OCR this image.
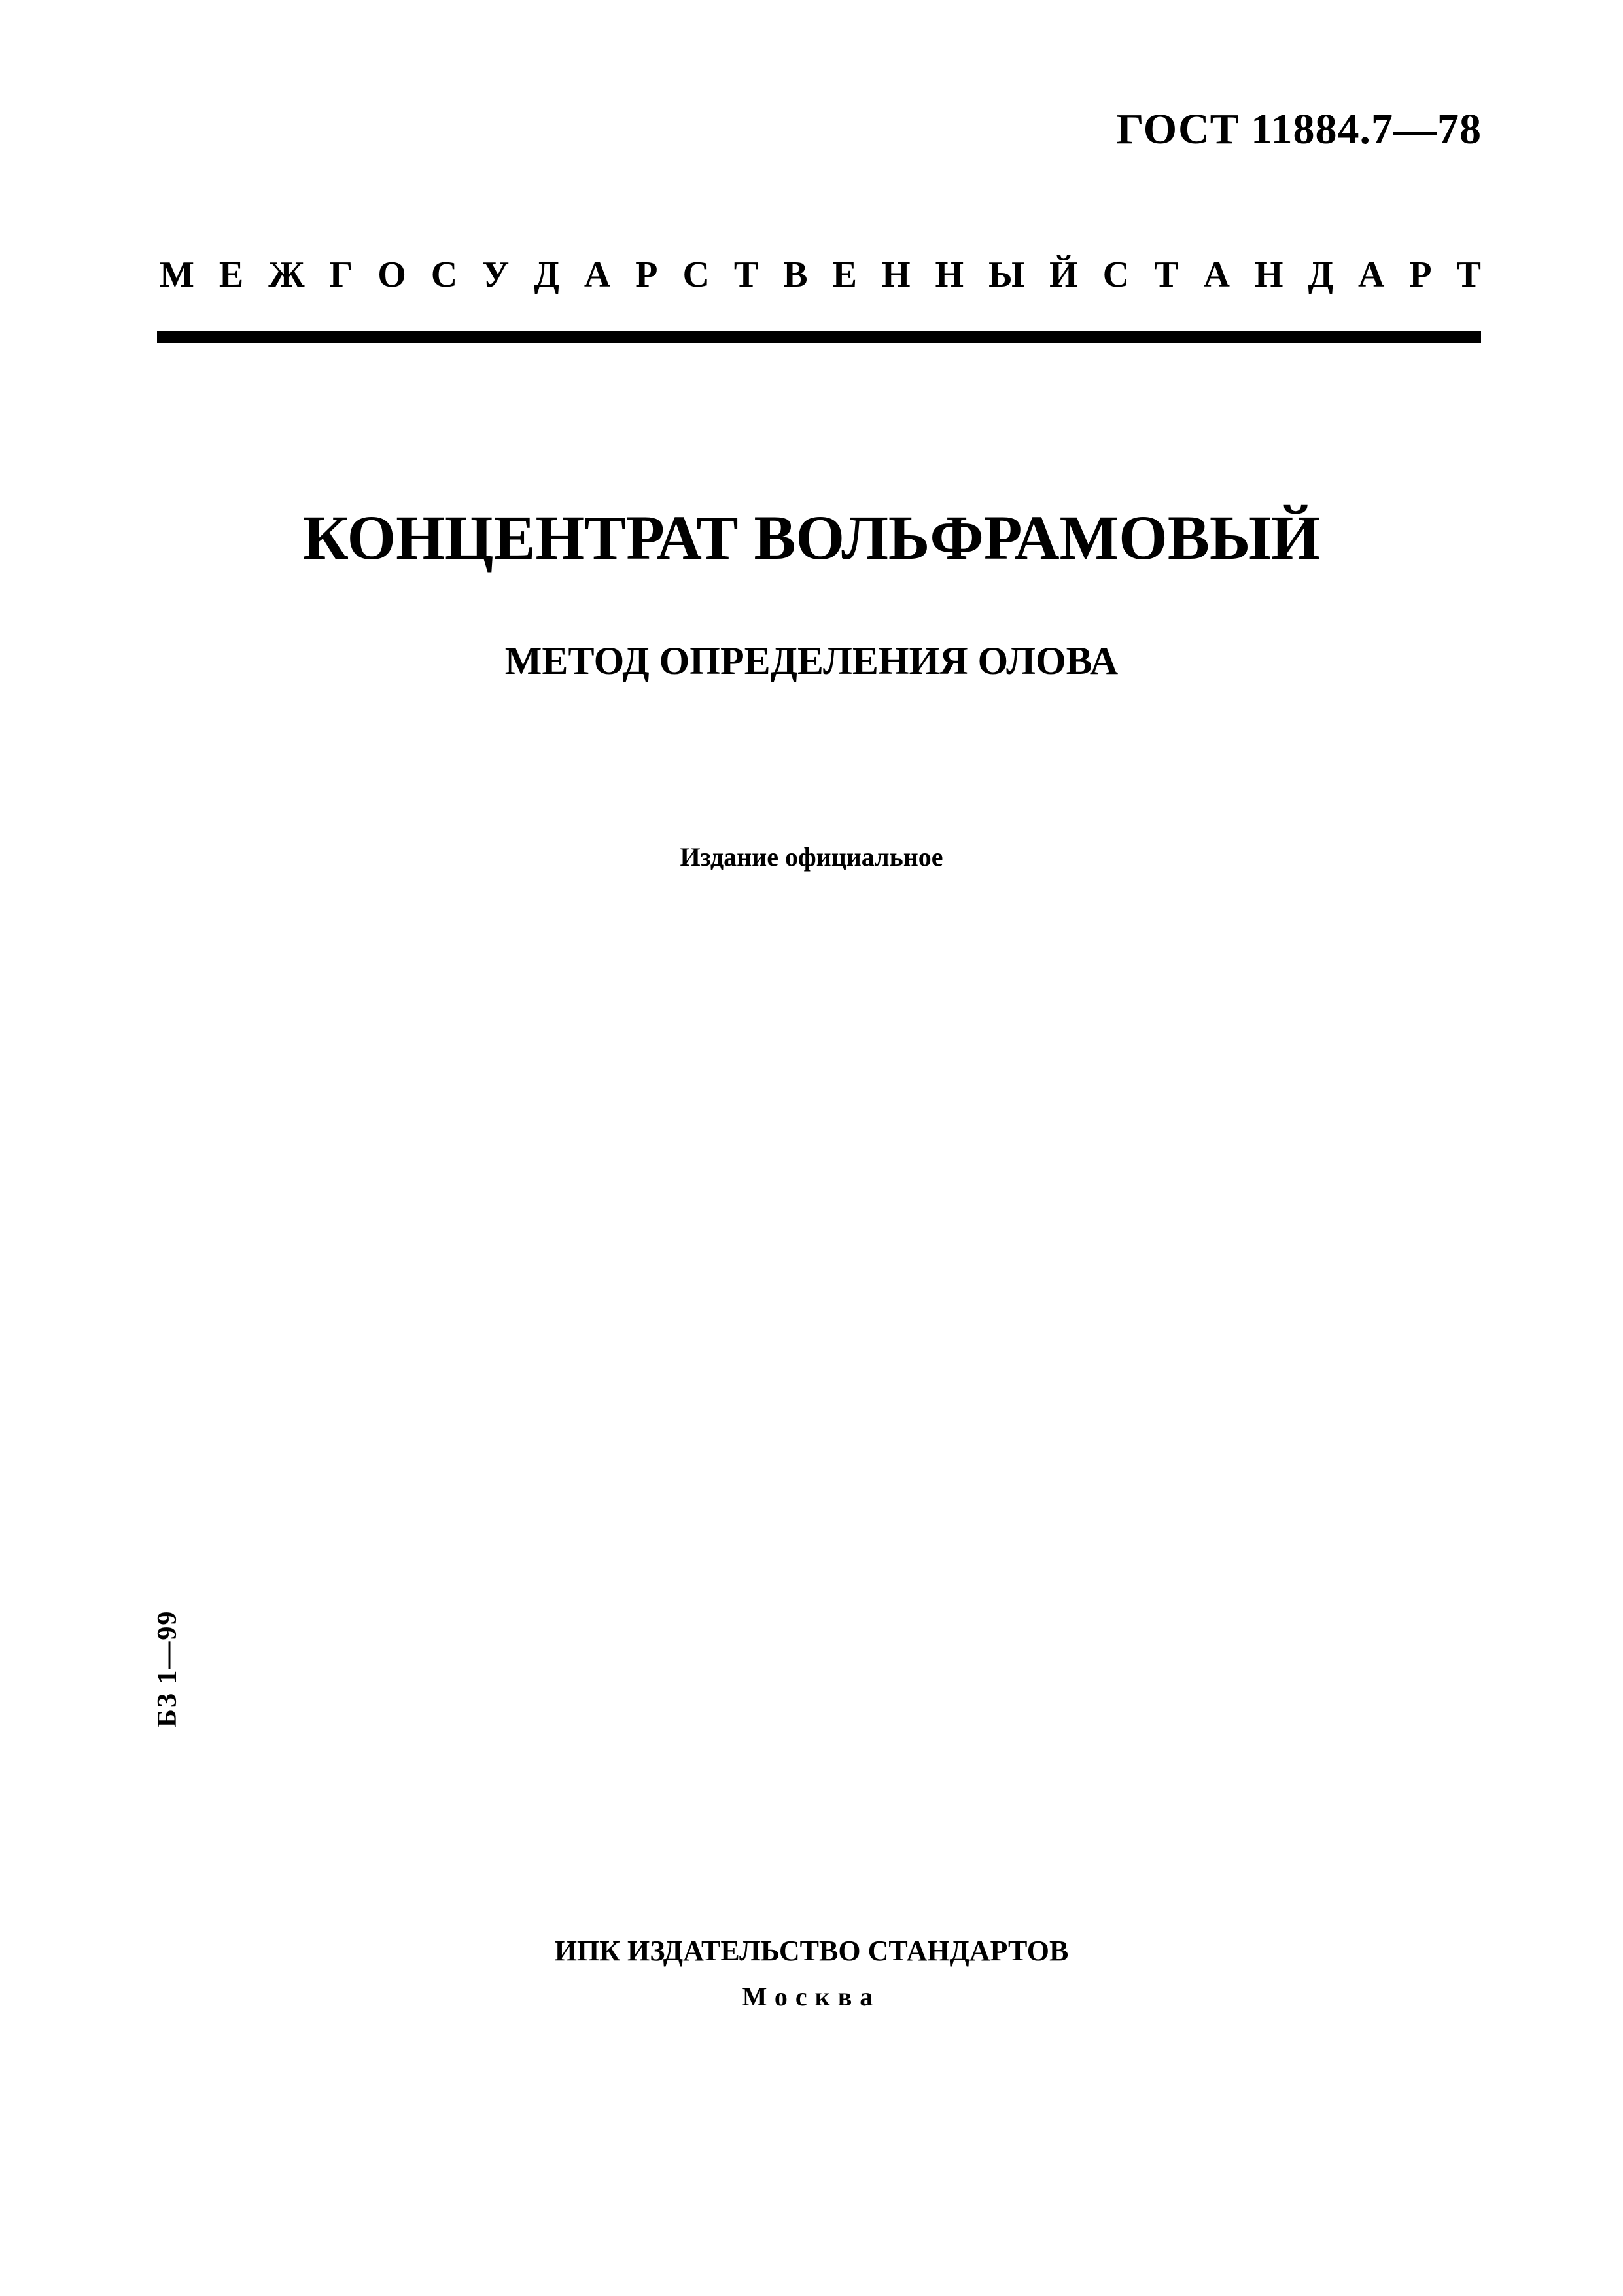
ГОСТ 11884.7—78
М Е Ж Г О С У Д А Р С Т В Е Н Н Ы Й С Т А Н Д А Р Т
КОНЦЕНТРАТ ВОЛЬФРАМОВЫЙ
МЕТОД ОПРЕДЕЛЕНИЯ ОЛОВА
Издание официальное
БЗ 1—99
ИПК ИЗДАТЕЛЬСТВО СТАНДАРТОВ
Москва
